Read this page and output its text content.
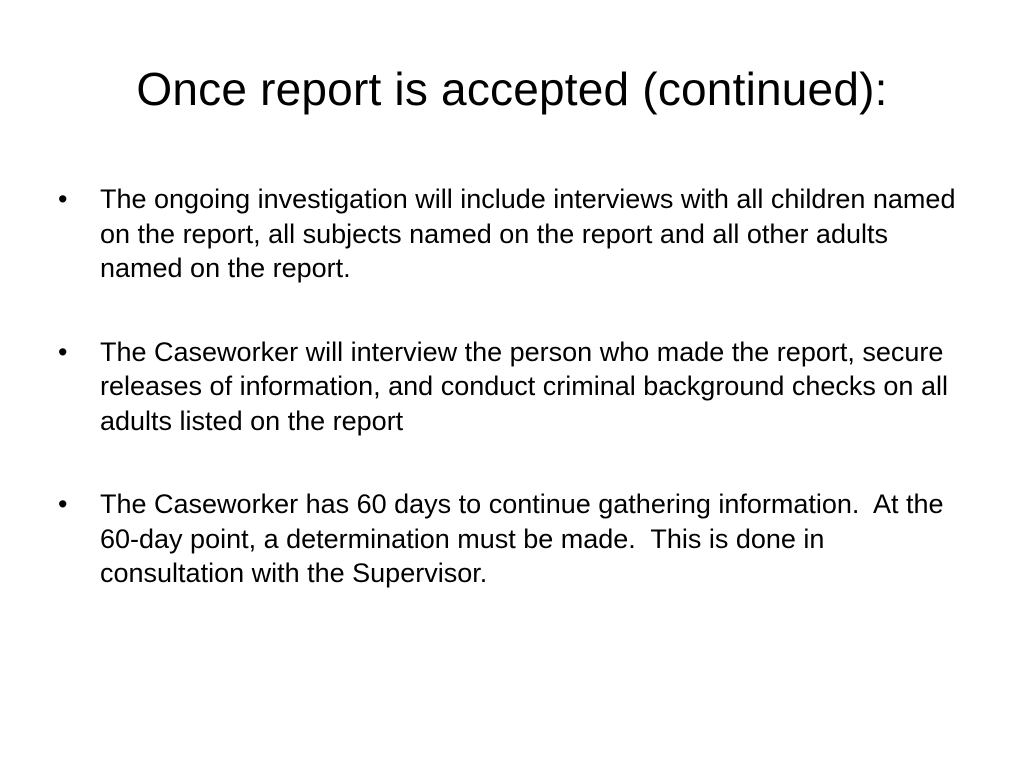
Once report is accepted (continued):
• The ongoing investigation will include interviews with all children named on the report, all subjects named on the report and all other adults named on the report.
• The Caseworker will interview the person who made the report, secure releases of information, and conduct criminal background checks on all adults listed on the report
• The Caseworker has 60 days to continue gathering information.  At the 60-day point, a determination must be made.  This is done in consultation with the Supervisor.
